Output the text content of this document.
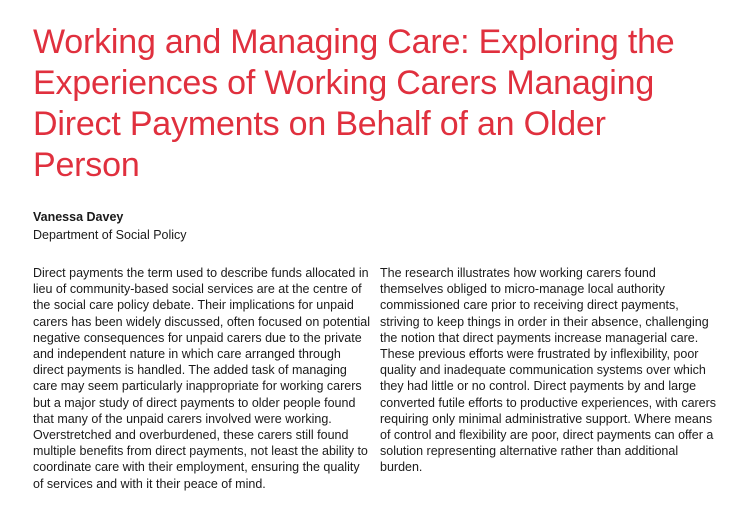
Working and Managing Care: Exploring the Experiences of Working Carers Managing Direct Payments on Behalf of an Older Person
Vanessa Davey
Department of Social Policy

Direct payments the term used to describe funds allocated in lieu of community-based social services are at the centre of the social care policy debate. Their implications for unpaid carers has been widely discussed, often focused on potential negative consequences for unpaid carers due to the private and independent nature in which care arranged through direct payments is handled. The added task of managing care may seem particularly inappropriate for working carers but a major study of direct payments to older people found that many of the unpaid carers involved were working. Overstretched and overburdened, these carers still found multiple benefits from direct payments, not least the ability to coordinate care with their employment, ensuring the quality of services and with it their peace of mind.

The research illustrates how working carers found themselves obliged to micro-manage local authority commissioned care prior to receiving direct payments, striving to keep things in order in their absence, challenging the notion that direct payments increase managerial care. These previous efforts were frustrated by inflexibility, poor quality and inadequate communication systems over which they had little or no control. Direct payments by and large converted futile efforts to productive experiences, with carers requiring only minimal administrative support. Where means of control and flexibility are poor, direct payments can offer a solution representing alternative rather than additional burden.
